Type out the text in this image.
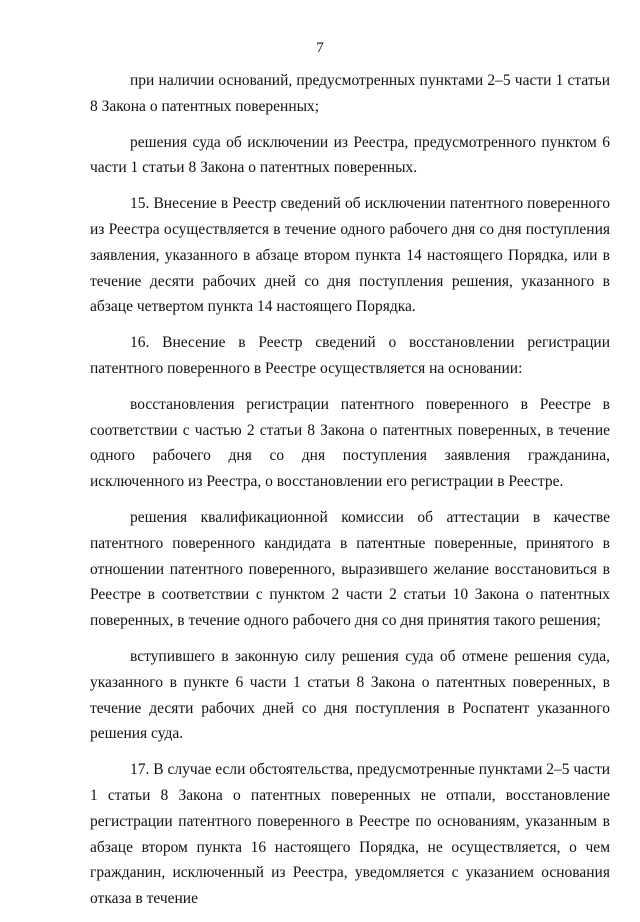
7

при наличии оснований, предусмотренных пунктами 2–5 части 1 статьи 8 Закона о патентных поверенных;

решения суда об исключении из Реестра, предусмотренного пунктом 6 части 1 статьи 8 Закона о патентных поверенных.

15. Внесение в Реестр сведений об исключении патентного поверенного из Реестра осуществляется в течение одного рабочего дня со дня поступления заявления, указанного в абзаце втором пункта 14 настоящего Порядка, или в течение десяти рабочих дней со дня поступления решения, указанного в абзаце четвертом пункта 14 настоящего Порядка.

16. Внесение в Реестр сведений о восстановлении регистрации патентного поверенного в Реестре осуществляется на основании:

восстановления регистрации патентного поверенного в Реестре в соответствии с частью 2 статьи 8 Закона о патентных поверенных, в течение одного рабочего дня со дня поступления заявления гражданина, исключенного из Реестра, о восстановлении его регистрации в Реестре.

решения квалификационной комиссии об аттестации в качестве патентного поверенного кандидата в патентные поверенные, принятого в отношении патентного поверенного, выразившего желание восстановиться в Реестре в соответствии с пунктом 2 части 2 статьи 10 Закона о патентных поверенных, в течение одного рабочего дня со дня принятия такого решения;

вступившего в законную силу решения суда об отмене решения суда, указанного в пункте 6 части 1 статьи 8 Закона о патентных поверенных, в течение десяти рабочих дней со дня поступления в Роспатент указанного решения суда.

17. В случае если обстоятельства, предусмотренные пунктами 2–5 части 1 статьи 8 Закона о патентных поверенных не отпали, восстановление регистрации патентного поверенного в Реестре по основаниям, указанным в абзаце втором пункта 16 настоящего Порядка, не осуществляется, о чем гражданин, исключенный из Реестра, уведомляется с указанием основания отказа в течение
